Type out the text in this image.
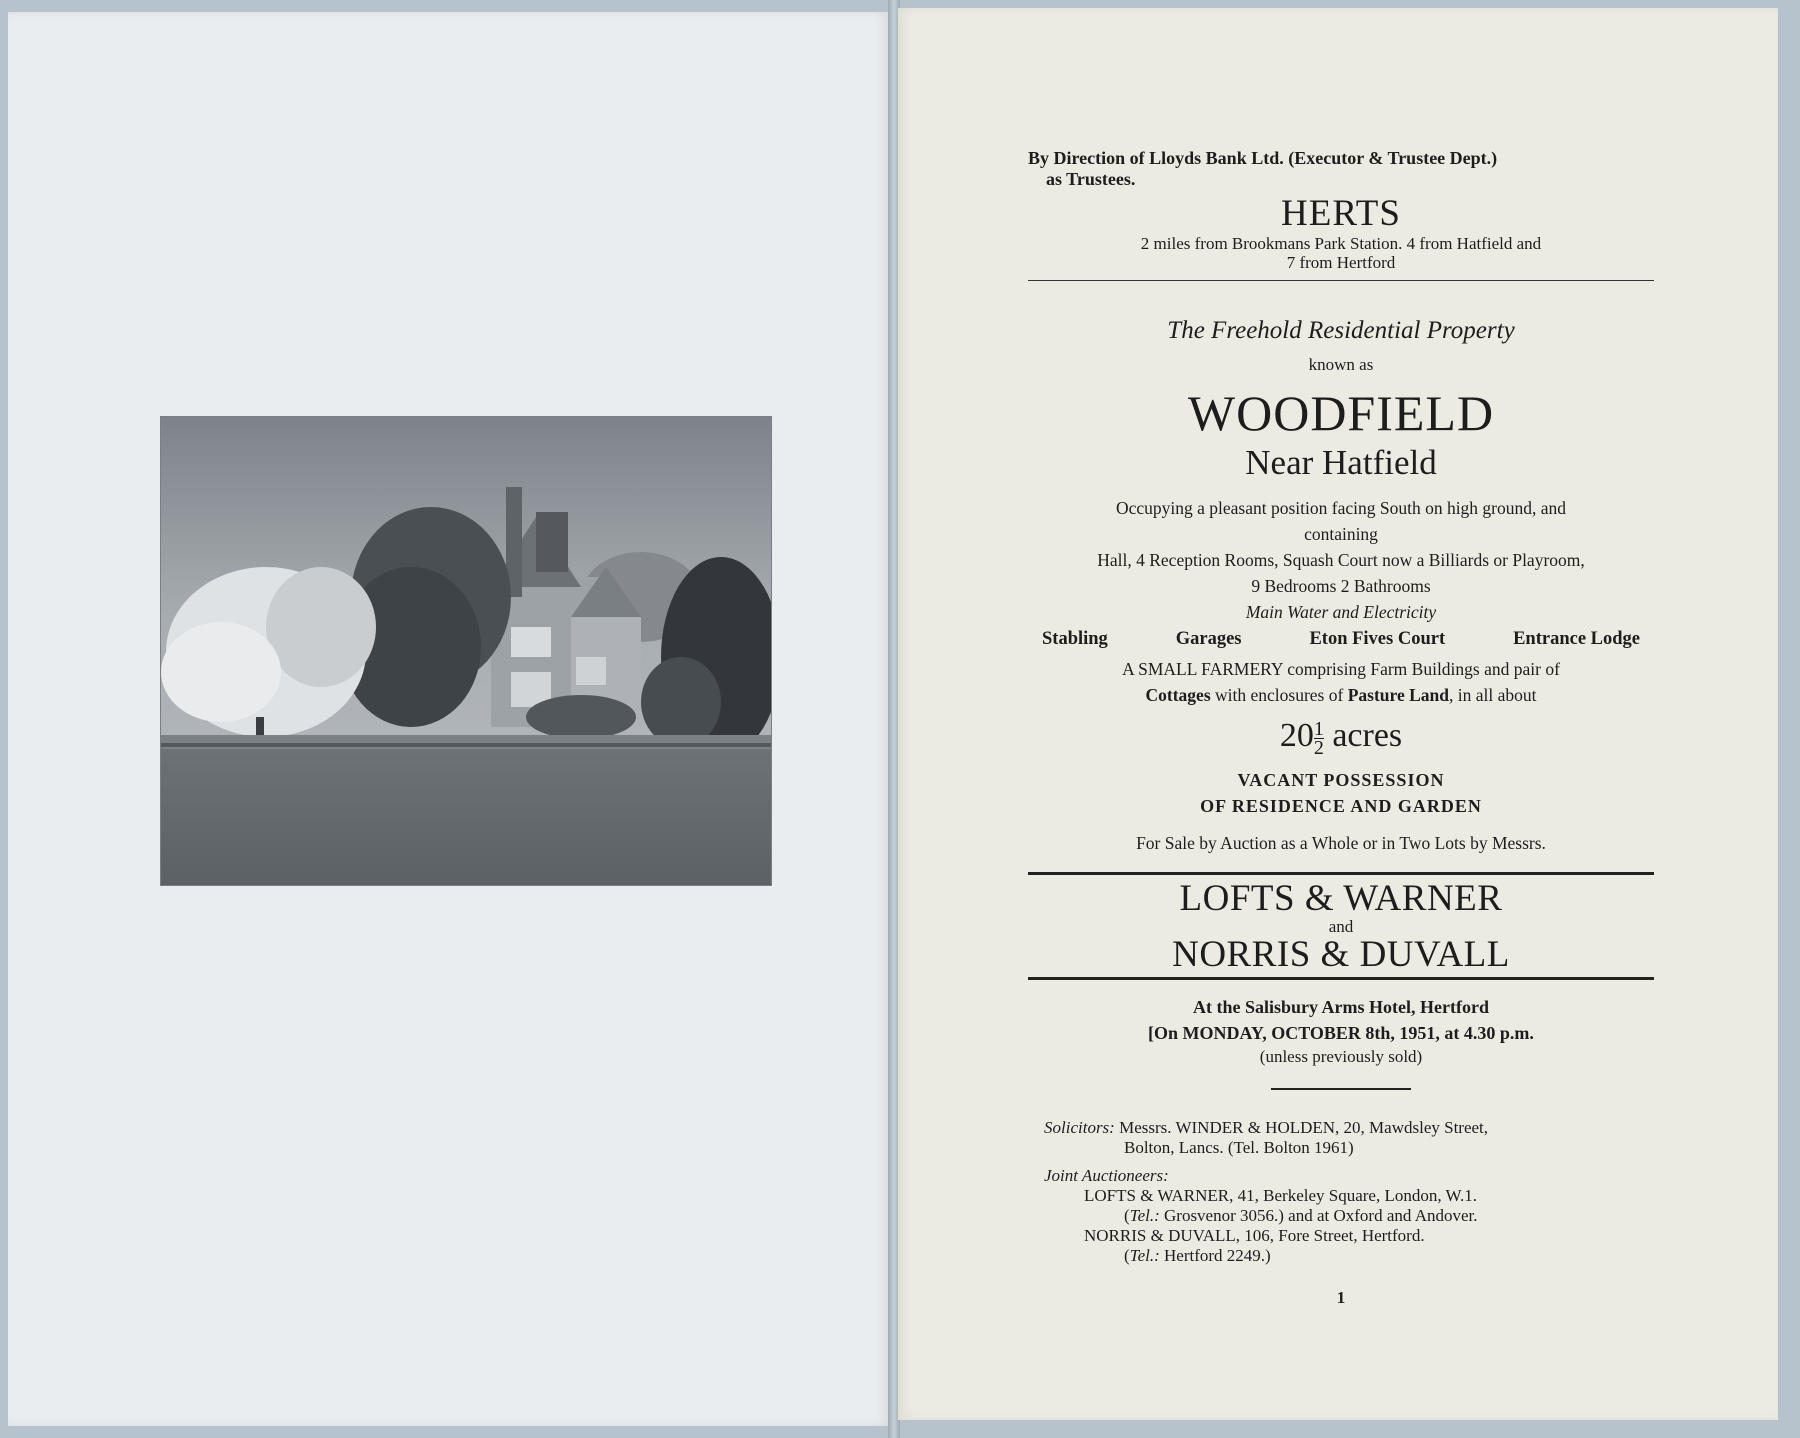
By Direction of Lloyds Bank Ltd. (Executor & Trustee Dept.)
as Trustees.
HERTS
2 miles from Brookmans Park Station. 4 from Hatfield and
7 from Hertford
The Freehold Residential Property
known as
WOODFIELD
Near Hatfield
Occupying a pleasant position facing South on high ground, and
containing
Hall, 4 Reception Rooms, Squash Court now a Billiards or Playroom,
9 Bedrooms 2 Bathrooms
Main Water and Electricity
Stabling	Garages	Eton Fives Court	Entrance Lodge
A SMALL FARMERY comprising Farm Buildings and pair of
Cottages with enclosures of Pasture Land, in all about
$20 \frac{1}{2}$ acres
VACANT POSSESSION
OF RESIDENCE AND GARDEN
For Sale by Auction as a Whole or in Two Lots by Messrs.
LOFTS & WARNER
and
NORRIS & DUVALL
At the Salisbury Arms Hotel, Hertford
[On MONDAY, OCTOBER 8th, 1951, at 4.30 p.m.
(unless previously sold)
Solicitors: Messrs. WINDER & HOLDEN, 20, Mawdsley Street,
Bolton, Lancs. (Tel. Bolton 1961)
Joint Auctioneers:
LOFTS & WARNER, 41, Berkeley Square, London, W.1.
(Tel.: Grosvenor 3056.) and at Oxford and Andover.
NORRIS & DUVALL, 106, Fore Street, Hertford.
(Tel.: Hertford 2249.)
1
